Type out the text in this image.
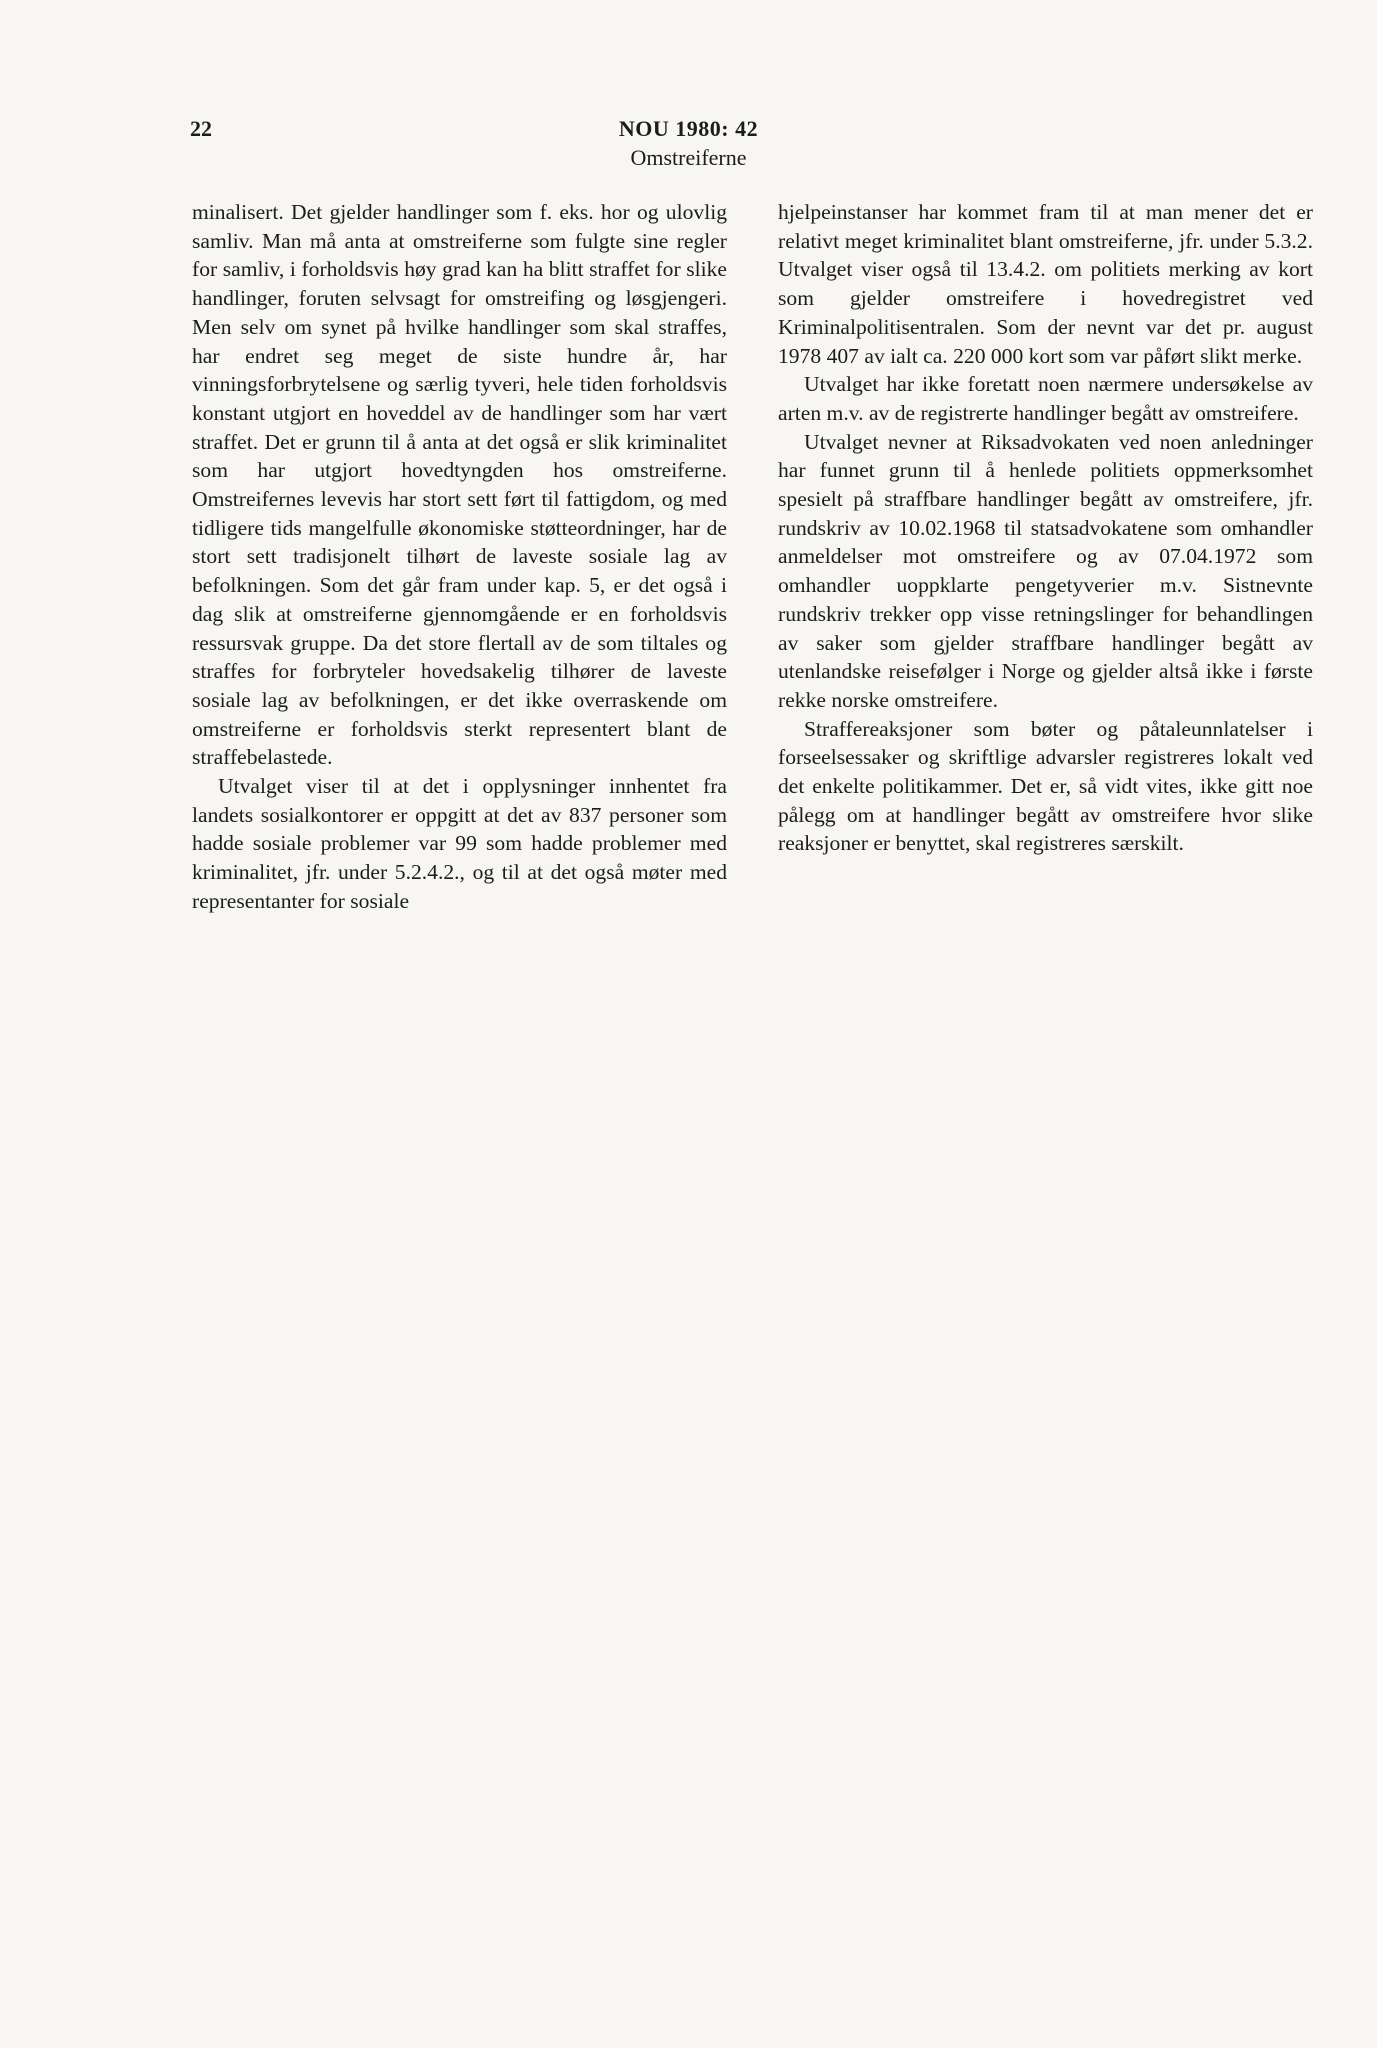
22	NOU 1980: 42
Omstreiferne

minalisert. Det gjelder handlinger som f. eks. hor og ulovlig samliv. Man må anta at omstreiferne som fulgte sine regler for samliv, i forholdsvis høy grad kan ha blitt straffet for slike handlinger, foruten selvsagt for omstreifing og løsgjengeri. Men selv om synet på hvilke handlinger som skal straffes, har endret seg meget de siste hundre år, har vinningsforbrytelsene og særlig tyveri, hele tiden forholdsvis konstant utgjort en hoveddel av de handlinger som har vært straffet. Det er grunn til å anta at det også er slik kriminalitet som har utgjort hovedtyngden hos omstreiferne. Omstreifernes levevis har stort sett ført til fattigdom, og med tidligere tids mangelfulle økonomiske støtteordninger, har de stort sett tradisjonelt tilhørt de laveste sosiale lag av befolkningen. Som det går fram under kap. 5, er det også i dag slik at omstreiferne gjennomgående er en forholdsvis ressursvak gruppe. Da det store flertall av de som tiltales og straffes for forbryteler hovedsakelig tilhører de laveste sosiale lag av befolkningen, er det ikke overraskende om omstreiferne er forholdsvis sterkt representert blant de straffebelastede.

Utvalget viser til at det i opplysninger innhentet fra landets sosialkontorer er oppgitt at det av 837 personer som hadde sosiale problemer var 99 som hadde problemer med kriminalitet, jfr. under 5.2.4.2., og til at det også møter med representanter for sosiale

hjelpeinstanser har kommet fram til at man mener det er relativt meget kriminalitet blant omstreiferne, jfr. under 5.3.2. Utvalget viser også til 13.4.2. om politiets merking av kort som gjelder omstreifere i hovedregistret ved Kriminalpolitisentralen. Som der nevnt var det pr. august 1978 407 av ialt ca. 220 000 kort som var påført slikt merke.

Utvalget har ikke foretatt noen nærmere undersøkelse av arten m.v. av de registrerte handlinger begått av omstreifere.

Utvalget nevner at Riksadvokaten ved noen anledninger har funnet grunn til å henlede politiets oppmerksomhet spesielt på straffbare handlinger begått av omstreifere, jfr. rundskriv av 10.02.1968 til statsadvokatene som omhandler anmeldelser mot omstreifere og av 07.04.1972 som omhandler uoppklarte pengetyverier m.v. Sistnevnte rundskriv trekker opp visse retningslinger for behandlingen av saker som gjelder straffbare handlinger begått av utenlandske reisefølger i Norge og gjelder altså ikke i første rekke norske omstreifere.

Straffereaksjoner som bøter og påtaleunnlatelser i forseelsessaker og skriftlige advarsler registreres lokalt ved det enkelte politikammer. Det er, så vidt vites, ikke gitt noe pålegg om at handlinger begått av omstreifere hvor slike reaksjoner er benyttet, skal registreres særskilt.
